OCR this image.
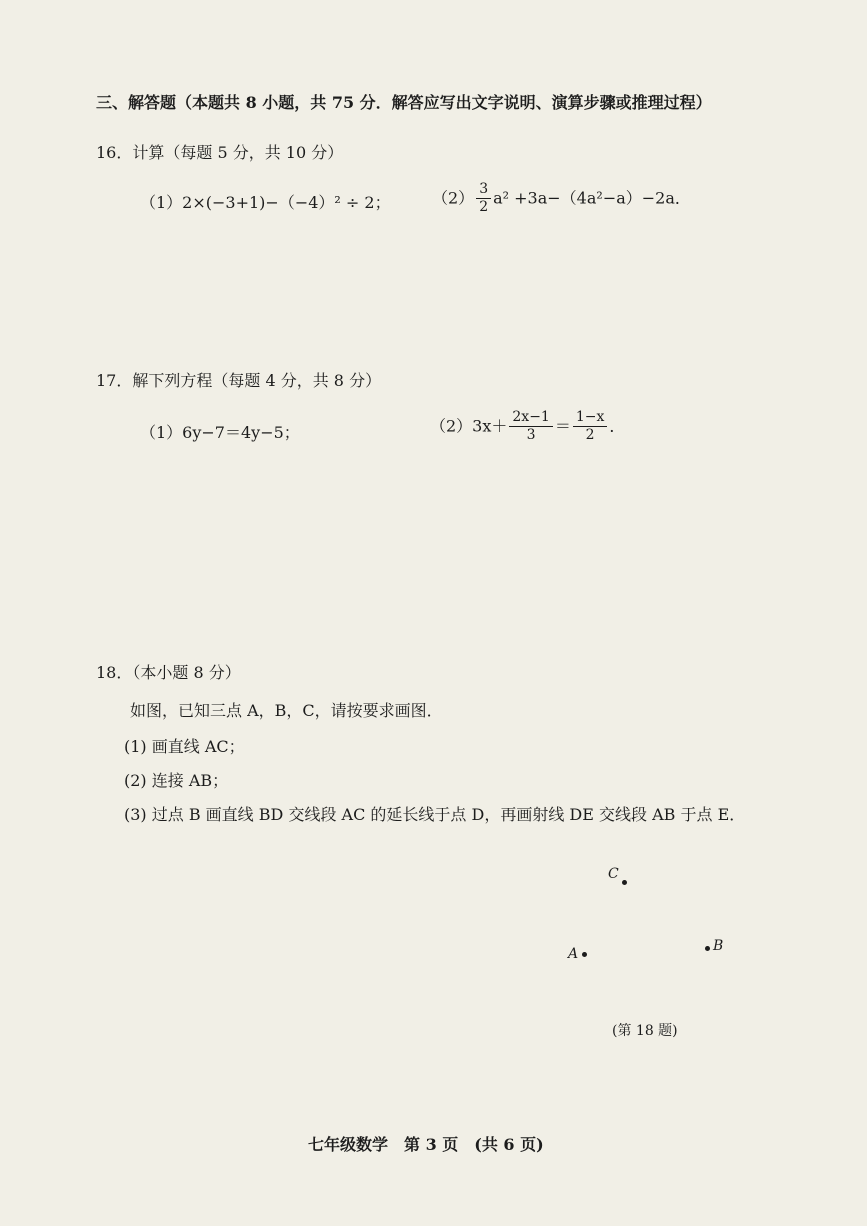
三、解答题（本题共 8 小题，共 75 分．解答应写出文字说明、演算步骤或推理过程）
16．计算（每题 5 分，共 10 分）
（1）2×(−3+1)−（−4）² ÷ 2；	$(2) \frac{3}{2} a^2 +3a-(4a^2-a)-2a$．
17．解下列方程（每题 4 分，共 8 分）
（1）6y−7＝4y−5；	$(2)3x+ \frac{2x-1}{3} = \frac{1-x}{2}$ ．
18．（本小题 8 分）
如图，已知三点 A，B，C，请按要求画图．
(1) 画直线 AC；
(2) 连接 AB；
(3) 过点 B 画直线 BD 交线段 AC 的延长线于点 D，再画射线 DE 交线段 AB 于点 E．
C
A	B
(第 18 题)
七年级数学　第 3 页　(共 6 页)
